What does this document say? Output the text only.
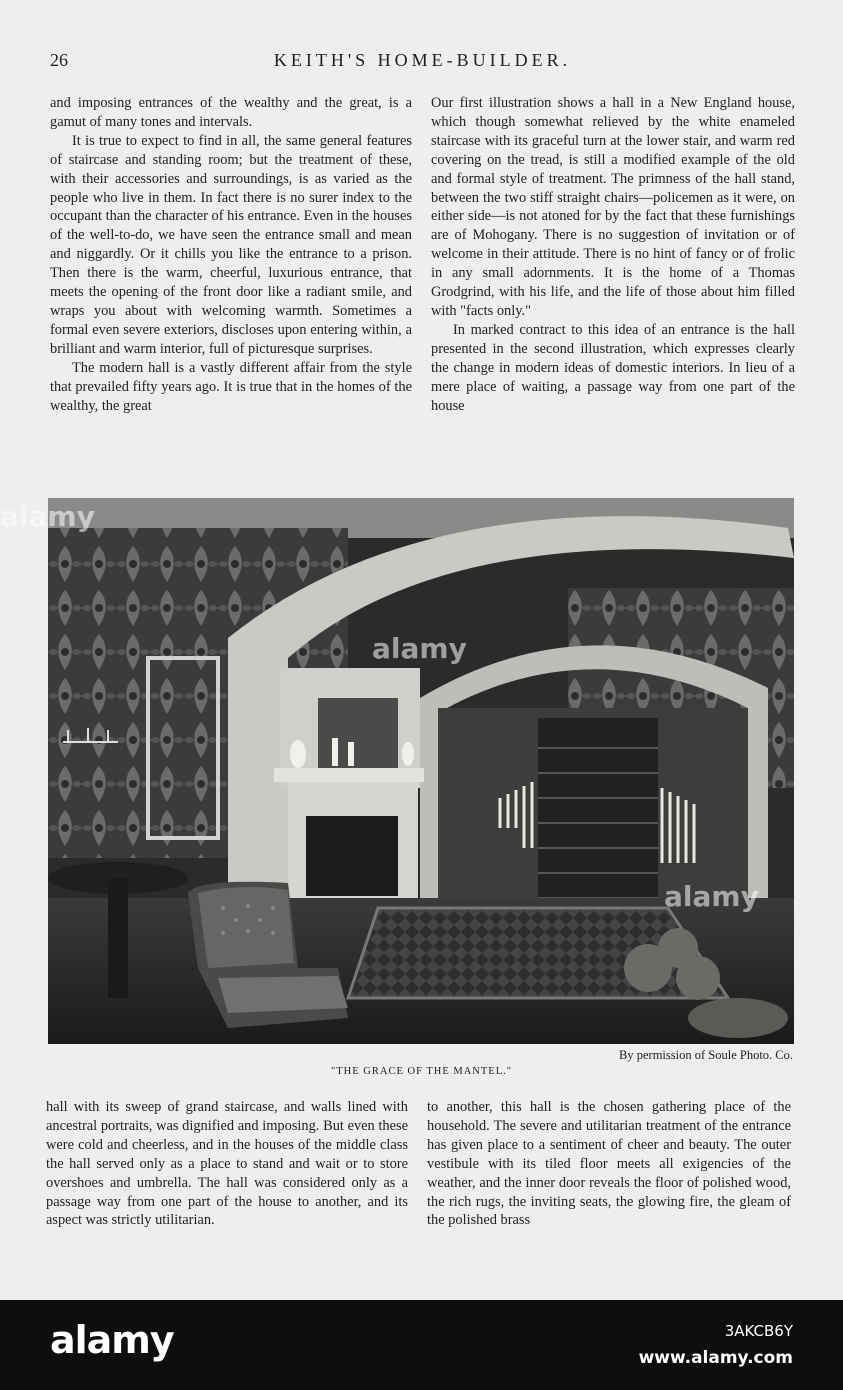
26	KEITH'S HOME-BUILDER.

and imposing entrances of the wealthy and the great, is a gamut of many tones and intervals.

It is true to expect to find in all, the same general features of staircase and standing room; but the treatment of these, with their accessories and surroundings, is as varied as the people who live in them. In fact there is no surer index to the occupant than the character of his entrance. Even in the houses of the well-to-do, we have seen the entrance small and mean and niggardly. Or it chills you like the entrance to a prison. Then there is the warm, cheerful, luxurious entrance, that meets the opening of the front door like a radiant smile, and wraps you about with welcoming warmth. Sometimes a formal even severe exteriors, discloses upon entering within, a brilliant and warm interior, full of picturesque surprises.

The modern hall is a vastly different affair from the style that prevailed fifty years ago. It is true that in the homes of the wealthy, the great

Our first illustration shows a hall in a New England house, which though somewhat relieved by the white enameled staircase with its graceful turn at the lower stair, and warm red covering on the tread, is still a modified example of the old and formal style of treatment. The primness of the hall stand, between the two stiff straight chairs—policemen as it were, on either side—is not atoned for by the fact that these furnishings are of Mohogany. There is no suggestion of invitation or of welcome in their attitude. There is no hint of fancy or of frolic in any small adornments. It is the home of a Thomas Grodgrind, with his life, and the life of those about him filled with "facts only."

In marked contract to this idea of an entrance is the hall presented in the second illustration, which expresses clearly the change in modern ideas of domestic interiors. In lieu of a mere place of waiting, a passage way from one part of the house

By permission of Soule Photo. Co.
"THE GRACE OF THE MANTEL."

hall with its sweep of grand staircase, and walls lined with ancestral portraits, was dignified and imposing. But even these were cold and cheerless, and in the houses of the middle class the hall served only as a place to stand and wait or to store overshoes and umbrella. The hall was considered only as a passage way from one part of the house to another, and its aspect was strictly utilitarian.

to another, this hall is the chosen gathering place of the household. The severe and utilitarian treatment of the entrance has given place to a sentiment of cheer and beauty. The outer vestibule with its tiled floor meets all exigencies of the weather, and the inner door reveals the floor of polished wood, the rich rugs, the inviting seats, the glowing fire, the gleam of the polished brass

alamy
alamy
alamy
alamy	3AKCB6Y
www.alamy.com
